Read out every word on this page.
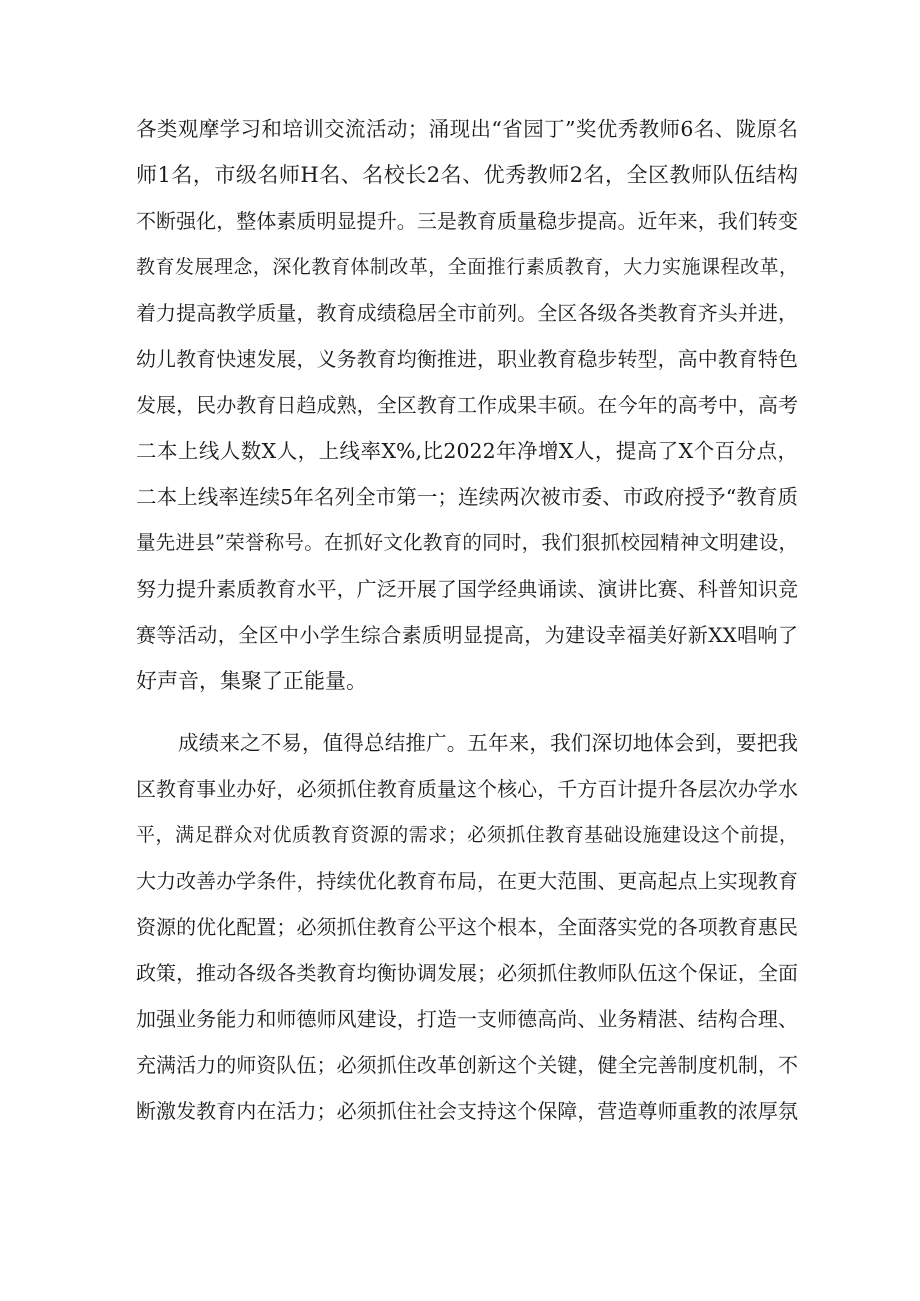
各类观摩学习和培训交流活动；涌现出“省园丁”奖优秀教师6名、陇原名
师1名，市级名师H名、名校长2名、优秀教师2名，全区教师队伍结构
不断强化，整体素质明显提升。三是教育质量稳步提高。近年来，我们转变
教育发展理念，深化教育体制改革，全面推行素质教育，大力实施课程改革，
着力提高教学质量，教育成绩稳居全市前列。全区各级各类教育齐头并进，
幼儿教育快速发展，义务教育均衡推进，职业教育稳步转型，高中教育特色
发展，民办教育日趋成熟，全区教育工作成果丰硕。在今年的高考中，高考
二本上线人数X人，上线率X%,比2022年净增X人，提高了X个百分点，
二本上线率连续5年名列全市第一；连续两次被市委、市政府授予“教育质
量先进县”荣誉称号。在抓好文化教育的同时，我们狠抓校园精神文明建设，
努力提升素质教育水平，广泛开展了国学经典诵读、演讲比赛、科普知识竞
赛等活动，全区中小学生综合素质明显提高，为建设幸福美好新XX唱响了
好声音，集聚了正能量。
成绩来之不易，值得总结推广。五年来，我们深切地体会到，要把我
区教育事业办好，必须抓住教育质量这个核心，千方百计提升各层次办学水
平，满足群众对优质教育资源的需求；必须抓住教育基础设施建设这个前提，
大力改善办学条件，持续优化教育布局，在更大范围、更高起点上实现教育
资源的优化配置；必须抓住教育公平这个根本，全面落实党的各项教育惠民
政策，推动各级各类教育均衡协调发展；必须抓住教师队伍这个保证，全面
加强业务能力和师德师风建设，打造一支师德高尚、业务精湛、结构合理、
充满活力的师资队伍；必须抓住改革创新这个关键，健全完善制度机制，不
断激发教育内在活力；必须抓住社会支持这个保障，营造尊师重教的浓厚氛
